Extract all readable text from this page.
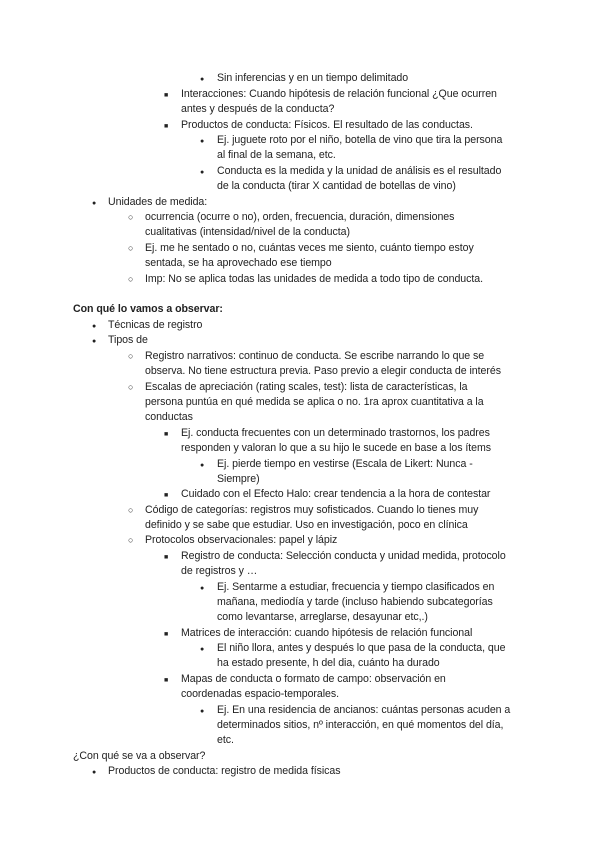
●
Sin inferencias y en un tiempo delimitado
■
Interacciones: Cuando hipótesis de relación funcional ¿Que ocurren
antes y después de la conducta?
■
Productos de conducta: Físicos. El resultado de las conductas.
●
Ej. juguete roto por el niño, botella de vino que tira la persona
al final de la semana, etc.
●
Conducta es la medida y la unidad de análisis es el resultado
de la conducta (tirar X cantidad de botellas de vino)
●
Unidades de medida:
○
ocurrencia (ocurre o no), orden, frecuencia, duración, dimensiones
cualitativas (intensidad/nivel de la conducta)
○
Ej. me he sentado o no, cuántas veces me siento, cuánto tiempo estoy
sentada, se ha aprovechado ese tiempo
○
Imp: No se aplica todas las unidades de medida a todo tipo de conducta.
Con qué lo vamos a observar:
●
Técnicas de registro
●
Tipos de
○
Registro narrativos: continuo de conducta. Se escribe narrando lo que se
observa. No tiene estructura previa. Paso previo a elegir conducta de interés
○
Escalas de apreciación (rating scales, test): lista de características, la
persona puntúa en qué medida se aplica o no. 1ra aprox cuantitativa a la
conductas
■
Ej. conducta frecuentes con un determinado trastornos, los padres
responden y valoran lo que a su hijo le sucede en base a los ítems
●
Ej. pierde tiempo en vestirse (Escala de Likert: Nunca -
Siempre)
■
Cuidado con el Efecto Halo: crear tendencia a la hora de contestar
○
Código de categorías: registros muy sofisticados. Cuando lo tienes muy
definido y se sabe que estudiar. Uso en investigación, poco en clínica
○
Protocolos observacionales: papel y lápiz
■
Registro de conducta: Selección conducta y unidad medida, protocolo
de registros y …
●
Ej. Sentarme a estudiar, frecuencia y tiempo clasificados en
mañana, mediodía y tarde (incluso habiendo subcategorías
como levantarse, arreglarse, desayunar etc,.)
■
Matrices de interacción: cuando hipótesis de relación funcional
●
El niño llora, antes y después lo que pasa de la conducta, que
ha estado presente, h del dia, cuánto ha durado
■
Mapas de conducta o formato de campo: observación en
coordenadas espacio-temporales.
●
Ej. En una residencia de ancianos: cuántas personas acuden a
determinados sitios, nº interacción, en qué momentos del día,
etc.
¿Con qué se va a observar?
●
Productos de conducta: registro de medida físicas
